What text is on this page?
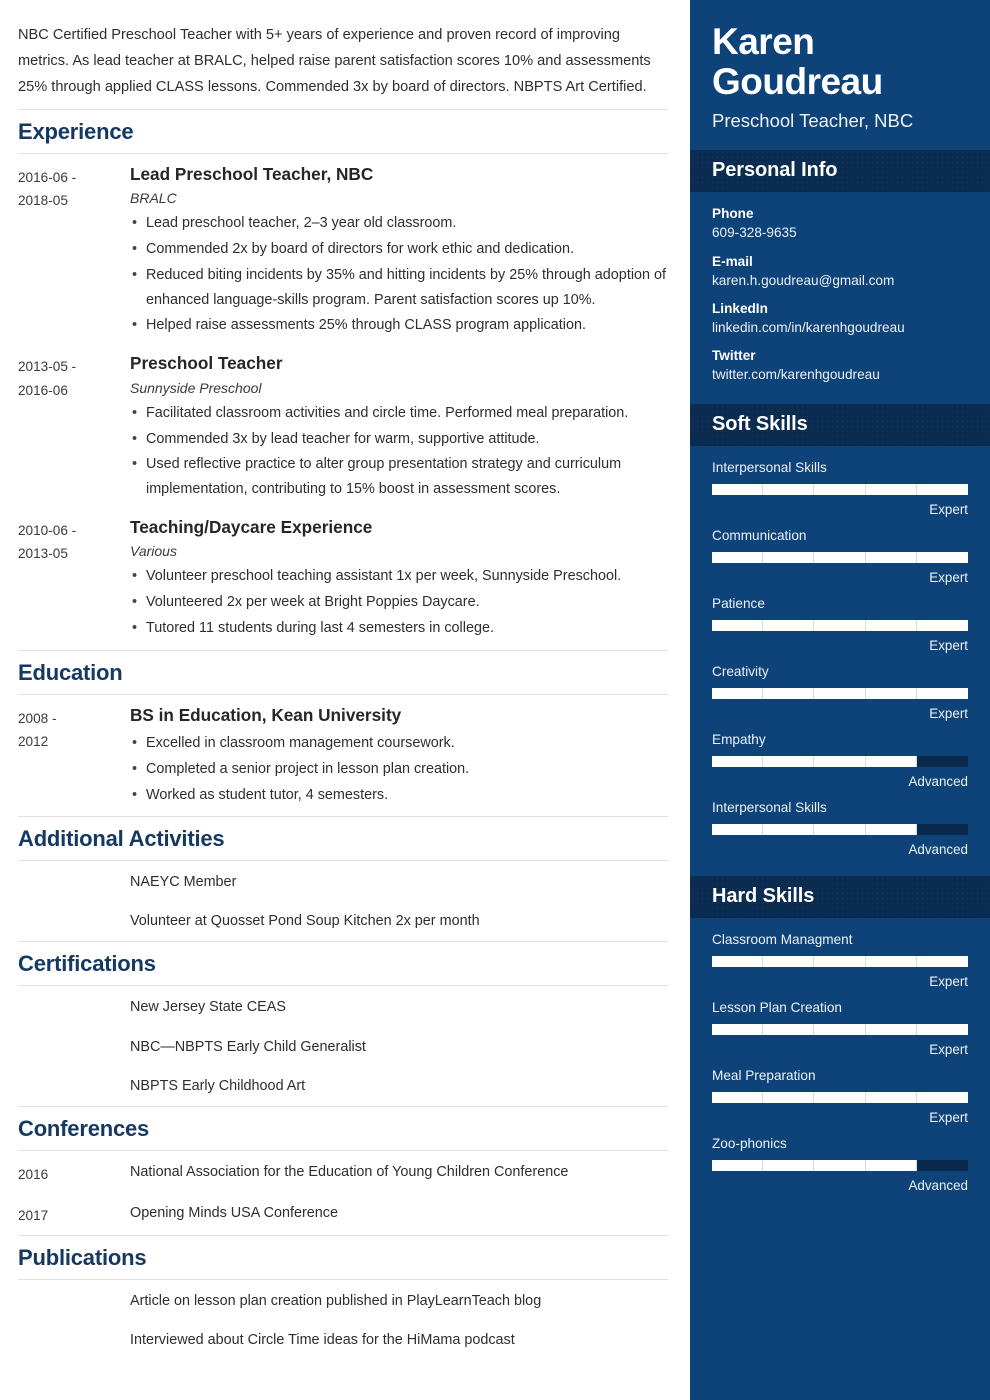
NBC Certified Preschool Teacher with 5+ years of experience and proven record of improving metrics. As lead teacher at BRALC, helped raise parent satisfaction scores 10% and assessments 25% through applied CLASS lessons. Commended 3x by board of directors. NBPTS Art Certified.

Experience
2016-06 -
2018-05
Lead Preschool Teacher, NBC
BRALC
• Lead preschool teacher, 2–3 year old classroom.
• Commended 2x by board of directors for work ethic and dedication.
• Reduced biting incidents by 35% and hitting incidents by 25% through adoption of enhanced language-skills program. Parent satisfaction scores up 10%.
• Helped raise assessments 25% through CLASS program application.
2013-05 -
2016-06
Preschool Teacher
Sunnyside Preschool
• Facilitated classroom activities and circle time. Performed meal preparation.
• Commended 3x by lead teacher for warm, supportive attitude.
• Used reflective practice to alter group presentation strategy and curriculum implementation, contributing to 15% boost in assessment scores.
2010-06 -
2013-05
Teaching/Daycare Experience
Various
• Volunteer preschool teaching assistant 1x per week, Sunnyside Preschool.
• Volunteered 2x per week at Bright Poppies Daycare.
• Tutored 11 students during last 4 semesters in college.
Education
2008 -
2012
BS in Education, Kean University
• Excelled in classroom management coursework.
• Completed a senior project in lesson plan creation.
• Worked as student tutor, 4 semesters.
Additional Activities
NAEYC Member
Volunteer at Quosset Pond Soup Kitchen 2x per month
Certifications
New Jersey State CEAS
NBC—NBPTS Early Child Generalist
NBPTS Early Childhood Art
Conferences
2016	National Association for the Education of Young Children Conference
2017	Opening Minds USA Conference
Publications
Article on lesson plan creation published in PlayLearnTeach blog
Interviewed about Circle Time ideas for the HiMama podcast
Karen Goudreau
Preschool Teacher, NBC
Personal Info
Phone
609-328-9635
E-mail
karen.h.goudreau@gmail.com
LinkedIn
linkedin.com/in/karenhgoudreau
Twitter
twitter.com/karenhgoudreau
Soft Skills
Interpersonal Skills
Expert
Communication
Expert
Patience
Expert
Creativity
Expert
Empathy
Advanced
Interpersonal Skills
Advanced
Hard Skills
Classroom Managment
Expert
Lesson Plan Creation
Expert
Meal Preparation
Expert
Zoo-phonics
Advanced
